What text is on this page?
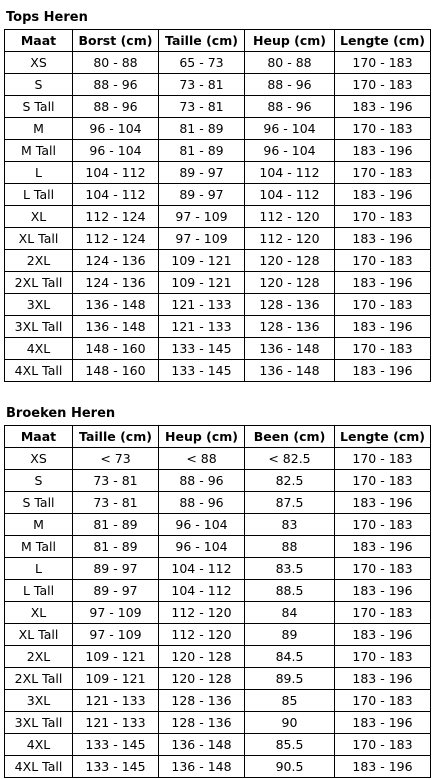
Tops Heren
Maat	Borst (cm)	Taille (cm)	Heup (cm)	Lengte (cm)
XS	80 - 88	65 - 73	80 - 88	170 - 183
S	88 - 96	73 - 81	88 - 96	170 - 183
S Tall	88 - 96	73 - 81	88 - 96	183 - 196
M	96 - 104	81 - 89	96 - 104	170 - 183
M Tall	96 - 104	81 - 89	96 - 104	183 - 196
L	104 - 112	89 - 97	104 - 112	170 - 183
L Tall	104 - 112	89 - 97	104 - 112	183 - 196
XL	112 - 124	97 - 109	112 - 120	170 - 183
XL Tall	112 - 124	97 - 109	112 - 120	183 - 196
2XL	124 - 136	109 - 121	120 - 128	170 - 183
2XL Tall	124 - 136	109 - 121	120 - 128	183 - 196
3XL	136 - 148	121 - 133	128 - 136	170 - 183
3XL Tall	136 - 148	121 - 133	128 - 136	183 - 196
4XL	148 - 160	133 - 145	136 - 148	170 - 183
4XL Tall	148 - 160	133 - 145	136 - 148	183 - 196
Broeken Heren
Maat	Taille (cm)	Heup (cm)	Been (cm)	Lengte (cm)
XS	< 73	< 88	< 82.5	170 - 183
S	73 - 81	88 - 96	82.5	170 - 183
S Tall	73 - 81	88 - 96	87.5	183 - 196
M	81 - 89	96 - 104	83	170 - 183
M Tall	81 - 89	96 - 104	88	183 - 196
L	89 - 97	104 - 112	83.5	170 - 183
L Tall	89 - 97	104 - 112	88.5	183 - 196
XL	97 - 109	112 - 120	84	170 - 183
XL Tall	97 - 109	112 - 120	89	183 - 196
2XL	109 - 121	120 - 128	84.5	170 - 183
2XL Tall	109 - 121	120 - 128	89.5	183 - 196
3XL	121 - 133	128 - 136	85	170 - 183
3XL Tall	121 - 133	128 - 136	90	183 - 196
4XL	133 - 145	136 - 148	85.5	170 - 183
4XL Tall	133 - 145	136 - 148	90.5	183 - 196
